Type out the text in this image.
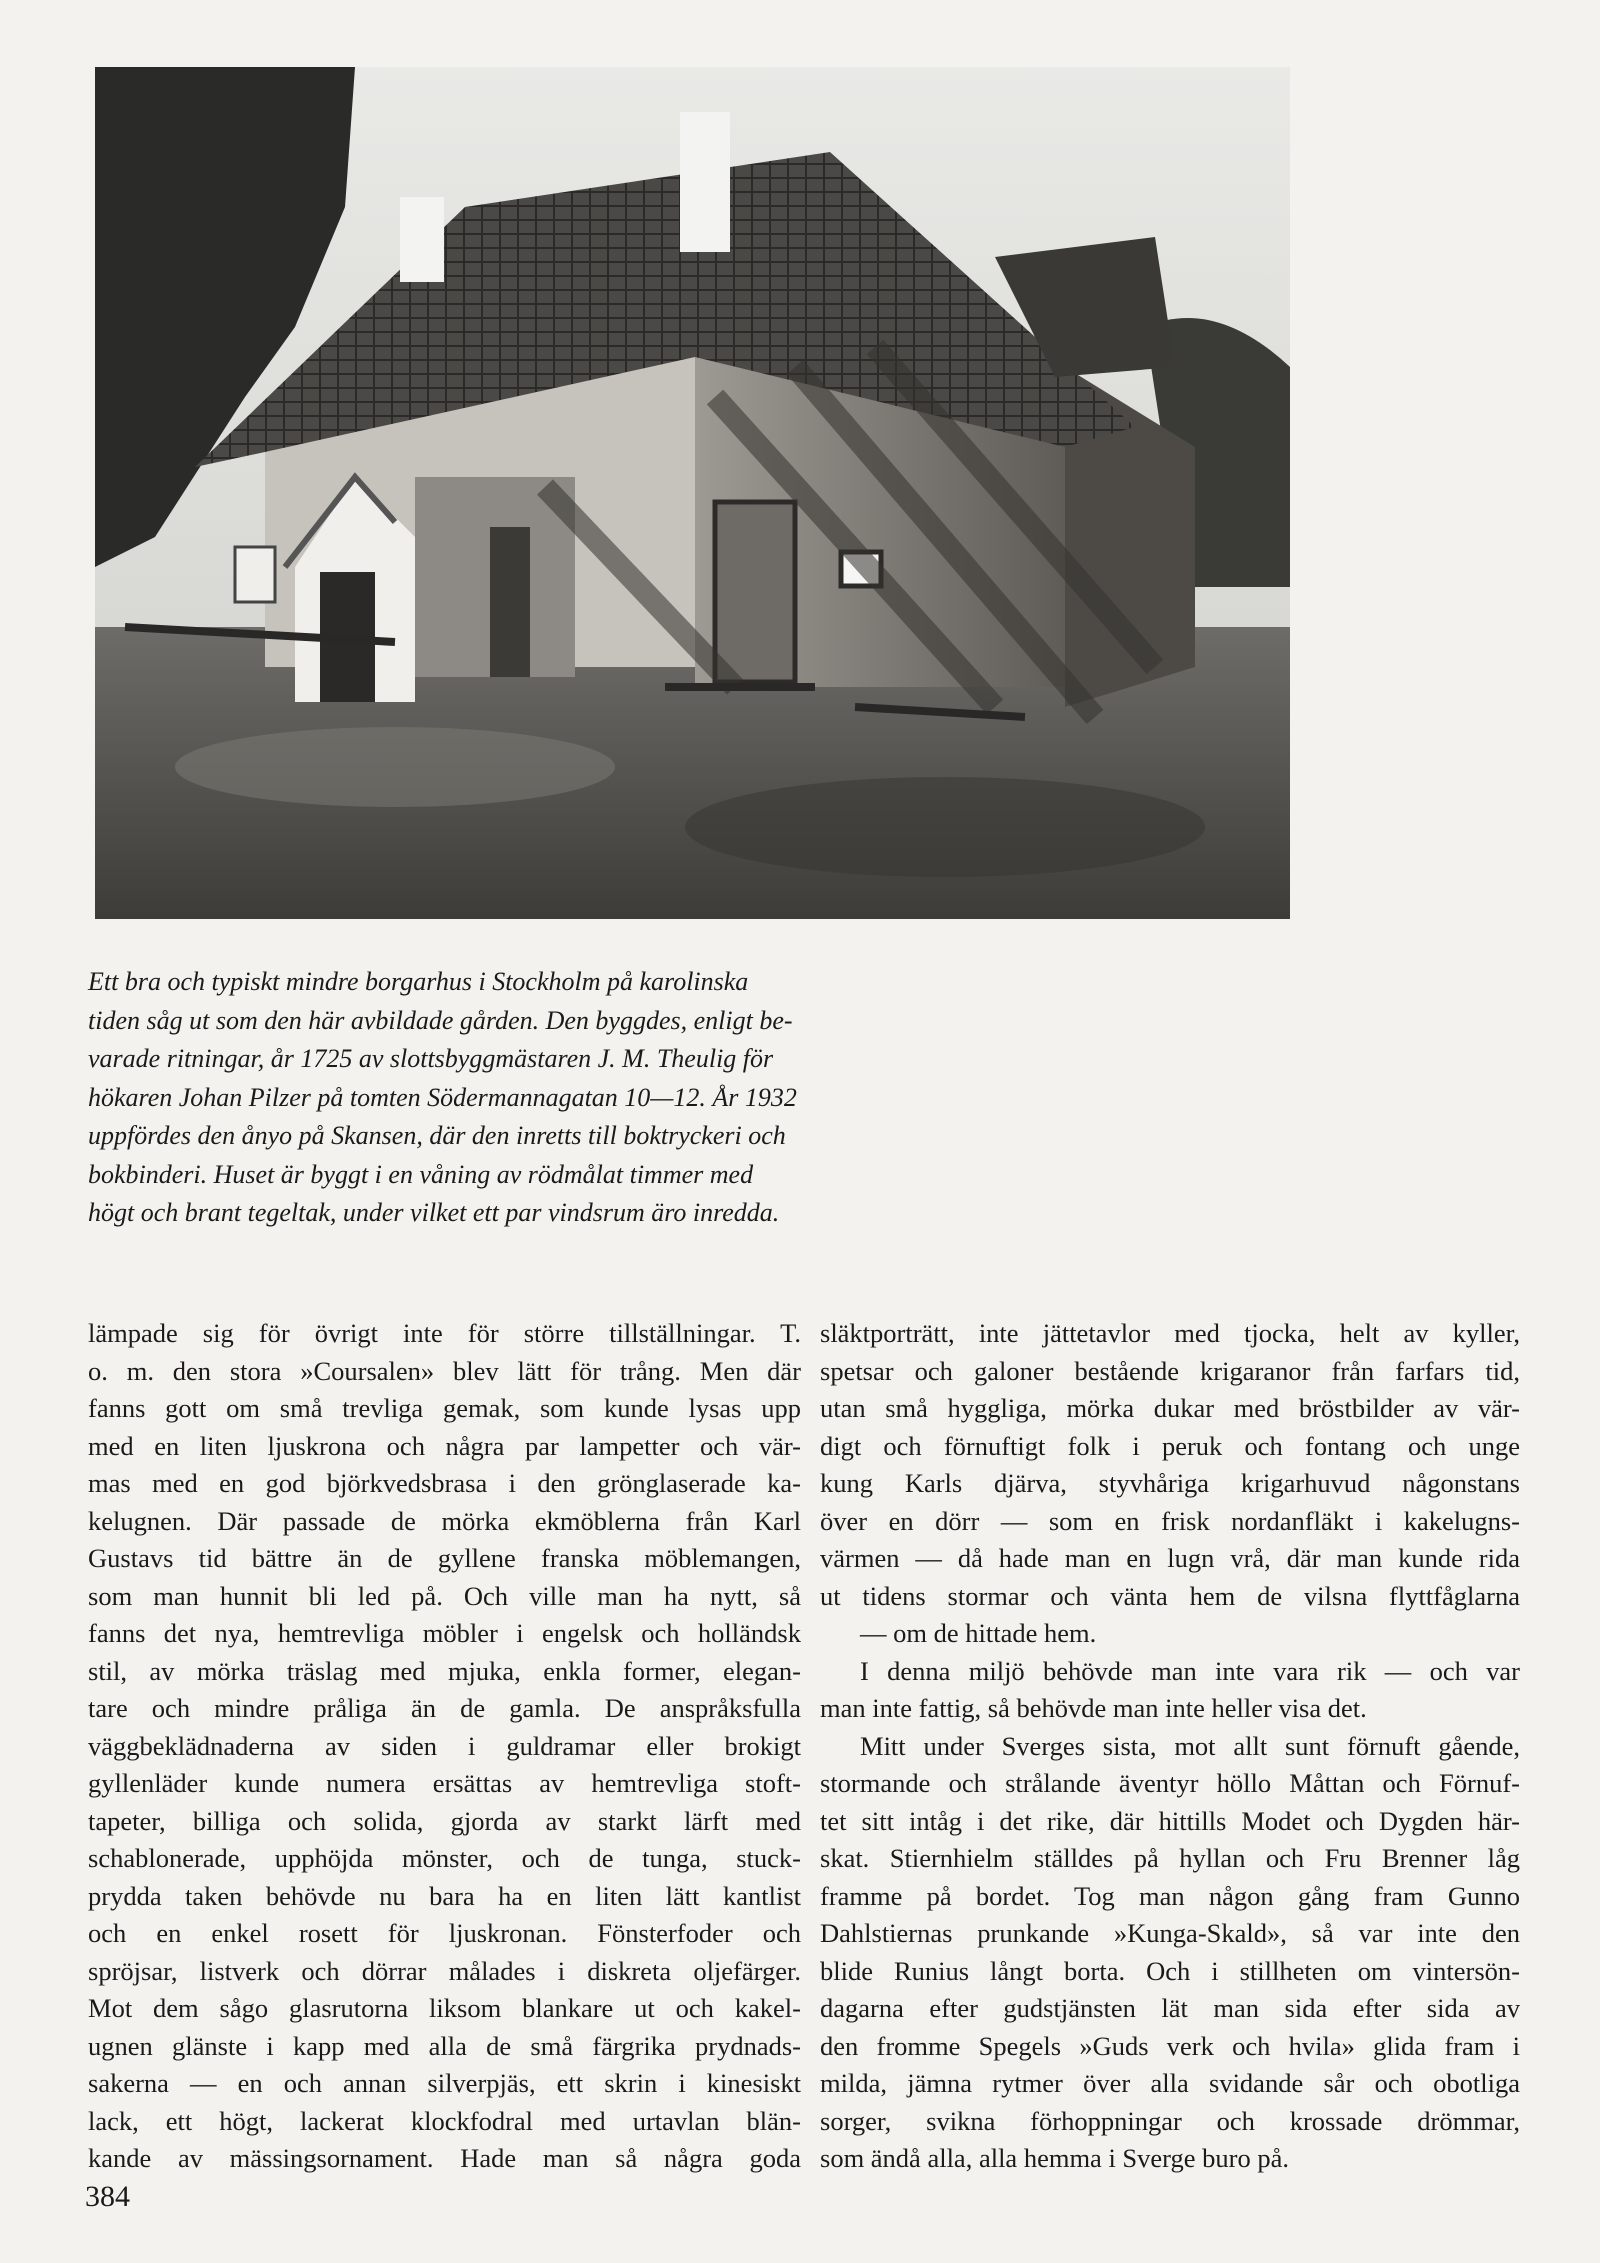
Ett bra och typiskt mindre borgarhus i Stockholm på karolinska
tiden såg ut som den här avbildade gården. Den byggdes, enligt be-
varade ritningar, år 1725 av slottsbyggmästaren J. M. Theulig för
hökaren Johan Pilzer på tomten Södermannagatan 10—12. År 1932
uppfördes den ånyo på Skansen, där den inretts till boktryckeri och
bokbinderi. Huset är byggt i en våning av rödmålat timmer med
högt och brant tegeltak, under vilket ett par vindsrum äro inredda.
lämpade sig för övrigt inte för större tillställningar. T.
o. m. den stora »Coursalen» blev lätt för trång. Men där
fanns gott om små trevliga gemak, som kunde lysas upp
med en liten ljuskrona och några par lampetter och vär-
mas med en god björkvedsbrasa i den grönglaserade ka-
kelugnen. Där passade de mörka ekmöblerna från Karl
Gustavs tid bättre än de gyllene franska möblemangen,
som man hunnit bli led på. Och ville man ha nytt, så
fanns det nya, hemtrevliga möbler i engelsk och holländsk
stil, av mörka träslag med mjuka, enkla former, elegan-
tare och mindre pråliga än de gamla. De anspråksfulla
väggbeklädnaderna av siden i guldramar eller brokigt
gyllenläder kunde numera ersättas av hemtrevliga stoft-
tapeter, billiga och solida, gjorda av starkt lärft med
schablonerade, upphöjda mönster, och de tunga, stuck-
prydda taken behövde nu bara ha en liten lätt kantlist
och en enkel rosett för ljuskronan. Fönsterfoder och
spröjsar, listverk och dörrar målades i diskreta oljefärger.
Mot dem sågo glasrutorna liksom blankare ut och kakel-
ugnen glänste i kapp med alla de små färgrika prydnads-
sakerna — en och annan silverpjäs, ett skrin i kinesiskt
lack, ett högt, lackerat klockfodral med urtavlan blän-
kande av mässingsornament. Hade man så några goda
släktporträtt, inte jättetavlor med tjocka, helt av kyller,
spetsar och galoner bestående krigaranor från farfars tid,
utan små hyggliga, mörka dukar med bröstbilder av vär-
digt och förnuftigt folk i peruk och fontang och unge
kung Karls djärva, styvhåriga krigarhuvud någonstans
över en dörr — som en frisk nordanfläkt i kakelugns-
värmen — då hade man en lugn vrå, där man kunde rida
ut tidens stormar och vänta hem de vilsna flyttfåglarna
— om de hittade hem.
I denna miljö behövde man inte vara rik — och var
man inte fattig, så behövde man inte heller visa det.
Mitt under Sverges sista, mot allt sunt förnuft gående,
stormande och strålande äventyr höllo Måttan och Förnuf-
tet sitt intåg i det rike, där hittills Modet och Dygden här-
skat. Stiernhielm ställdes på hyllan och Fru Brenner låg
framme på bordet. Tog man någon gång fram Gunno
Dahlstiernas prunkande »Kunga-Skald», så var inte den
blide Runius långt borta. Och i stillheten om vintersön-
dagarna efter gudstjänsten lät man sida efter sida av
den fromme Spegels »Guds verk och hvila» glida fram i
milda, jämna rytmer över alla svidande sår och obotliga
sorger, svikna förhoppningar och krossade drömmar,
som ändå alla, alla hemma i Sverge buro på.
384
